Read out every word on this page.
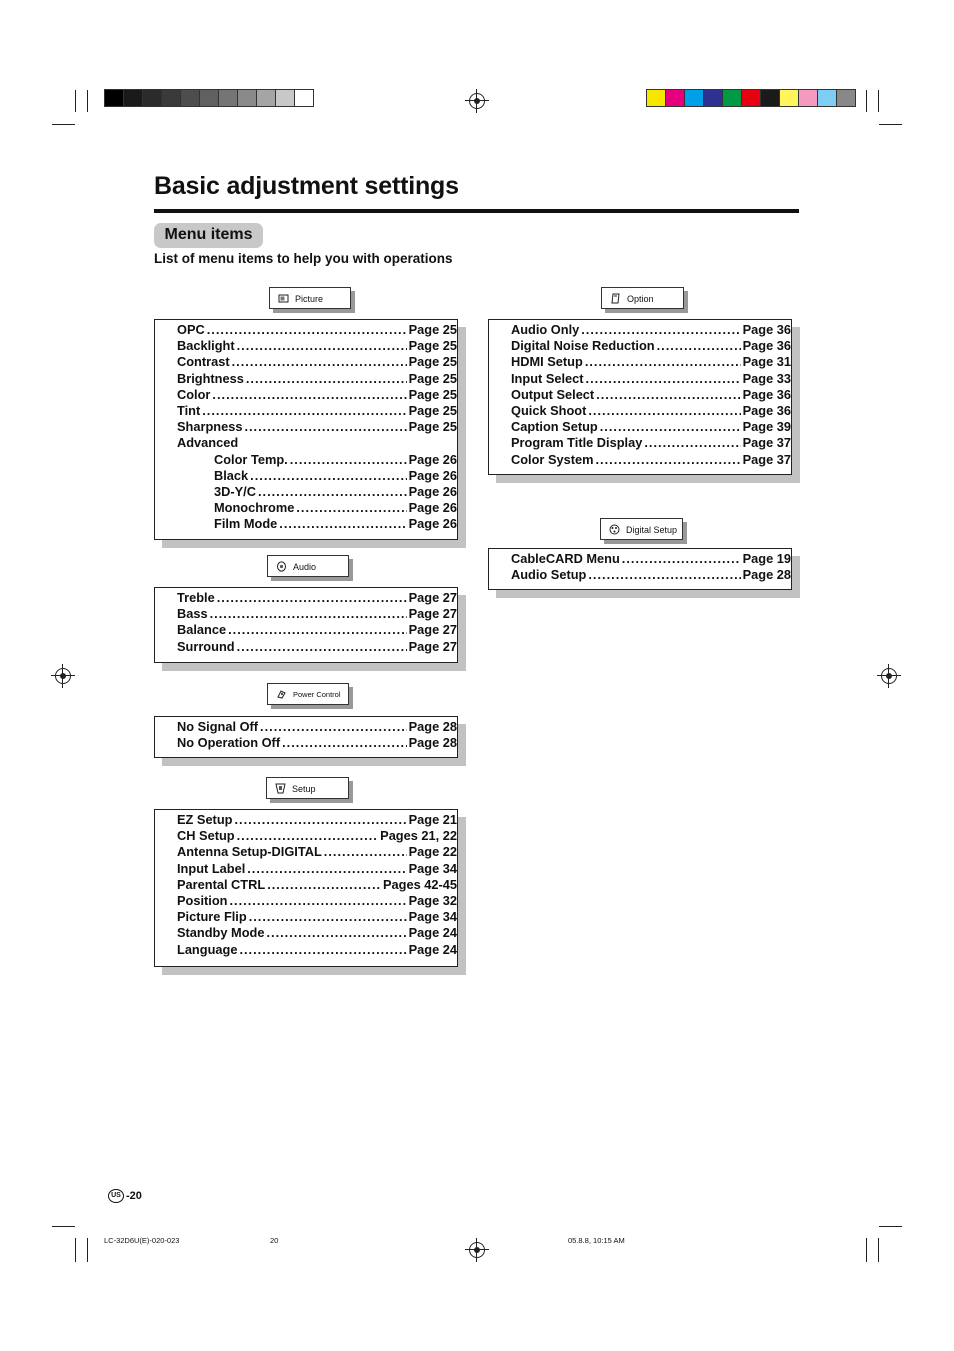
Basic adjustment settings
Menu items
List of menu items to help you with operations
Picture
OPC .....	Page 25
Backlight .....	Page 25
Contrast .....	Page 25
Brightness .....	Page 25
Color .....	Page 25
Tint .....	Page 25
Sharpness .....	Page 25
Advanced
Color Temp. .....	Page 26
Black .....	Page 26
3D-Y/C .....	Page 26
Monochrome .....	Page 26
Film Mode .....	Page 26
Audio
Treble .....	Page 27
Bass .....	Page 27
Balance .....	Page 27
Surround .....	Page 27
Power Control
No Signal Off .....	Page 28
No Operation Off .....	Page 28
Setup
EZ Setup .....	Page 21
CH Setup .....	Pages 21, 22
Antenna Setup-DIGITAL .....	Page 22
Input Label .....	Page 34
Parental CTRL .....	Pages 42-45
Position .....	Page 32
Picture Flip .....	Page 34
Standby Mode .....	Page 24
Language .....	Page 24
Option
Audio Only .....	Page 36
Digital Noise Reduction .....	Page 36
HDMI Setup .....	Page 31
Input Select .....	Page 33
Output Select .....	Page 36
Quick Shoot .....	Page 36
Caption Setup .....	Page 39
Program Title Display .....	Page 37
Color System .....	Page 37
Digital Setup
CableCARD Menu .....	Page 19
Audio Setup .....	Page 28
US -20
LC-32D6U(E)-020-023	20	05.8.8, 10:15 AM
